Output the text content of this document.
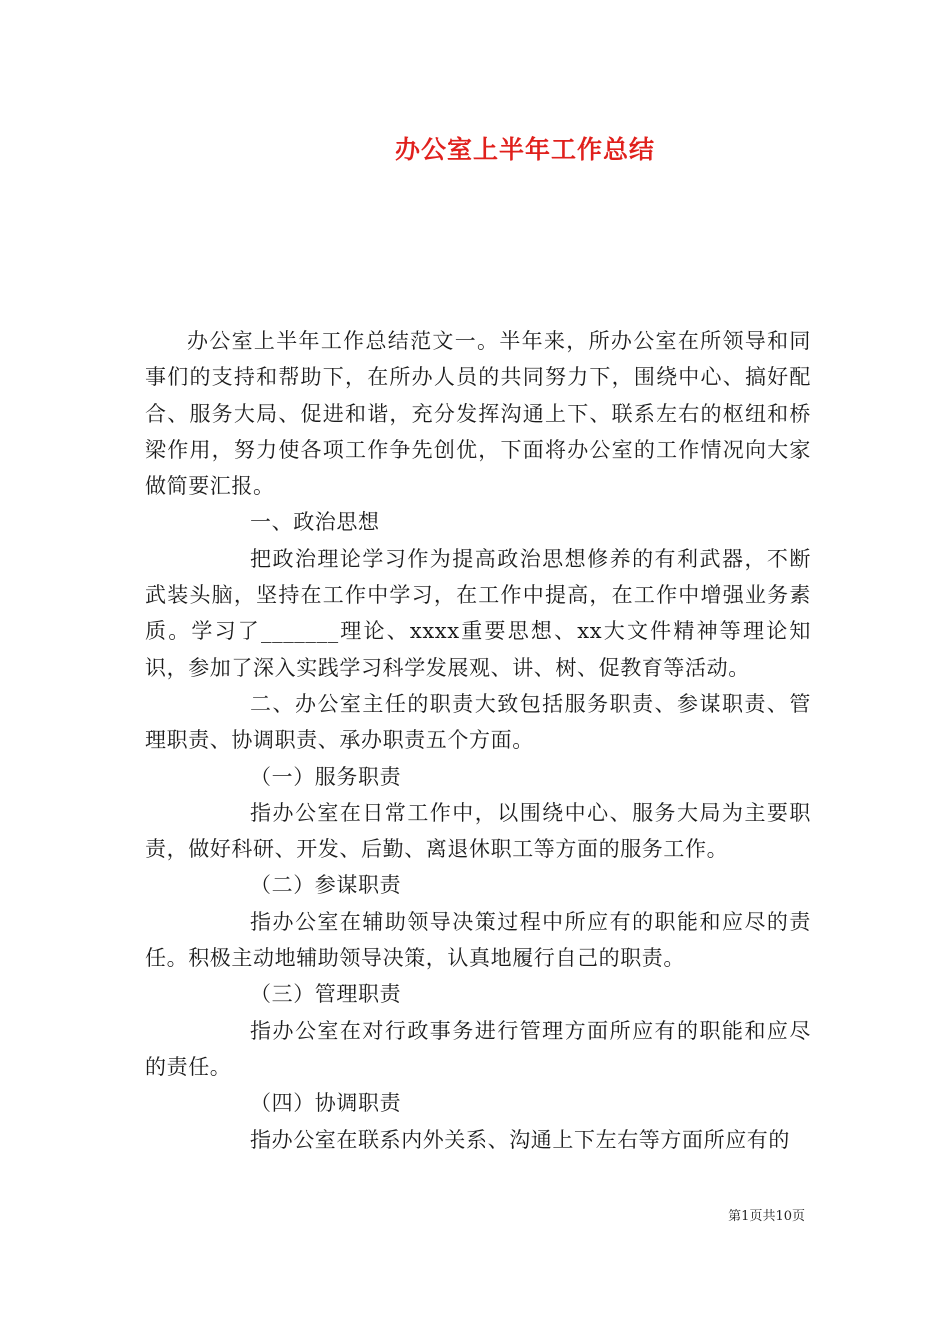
办公室上半年工作总结

办公室上半年工作总结范文一。半年来，所办公室在所领导和同事们的支持和帮助下，在所办人员的共同努力下，围绕中心、搞好配合、服务大局、促进和谐，充分发挥沟通上下、联系左右的枢纽和桥梁作用，努力使各项工作争先创优，下面将办公室的工作情况向大家做简要汇报。

一、政治思想

把政治理论学习作为提高政治思想修养的有利武器，不断武装头脑，坚持在工作中学习，在工作中提高，在工作中增强业务素质。学习了_______理论、xxxx重要思想、xx大文件精神等理论知识，参加了深入实践学习科学发展观、讲、树、促教育等活动。

二、办公室主任的职责大致包括服务职责、参谋职责、管理职责、协调职责、承办职责五个方面。

（一）服务职责

指办公室在日常工作中，以围绕中心、服务大局为主要职责，做好科研、开发、后勤、离退休职工等方面的服务工作。

（二）参谋职责

指办公室在辅助领导决策过程中所应有的职能和应尽的责任。积极主动地辅助领导决策，认真地履行自己的职责。

（三）管理职责

指办公室在对行政事务进行管理方面所应有的职能和应尽的责任。

（四）协调职责

指办公室在联系内外关系、沟通上下左右等方面所应有的

第1页共10页
